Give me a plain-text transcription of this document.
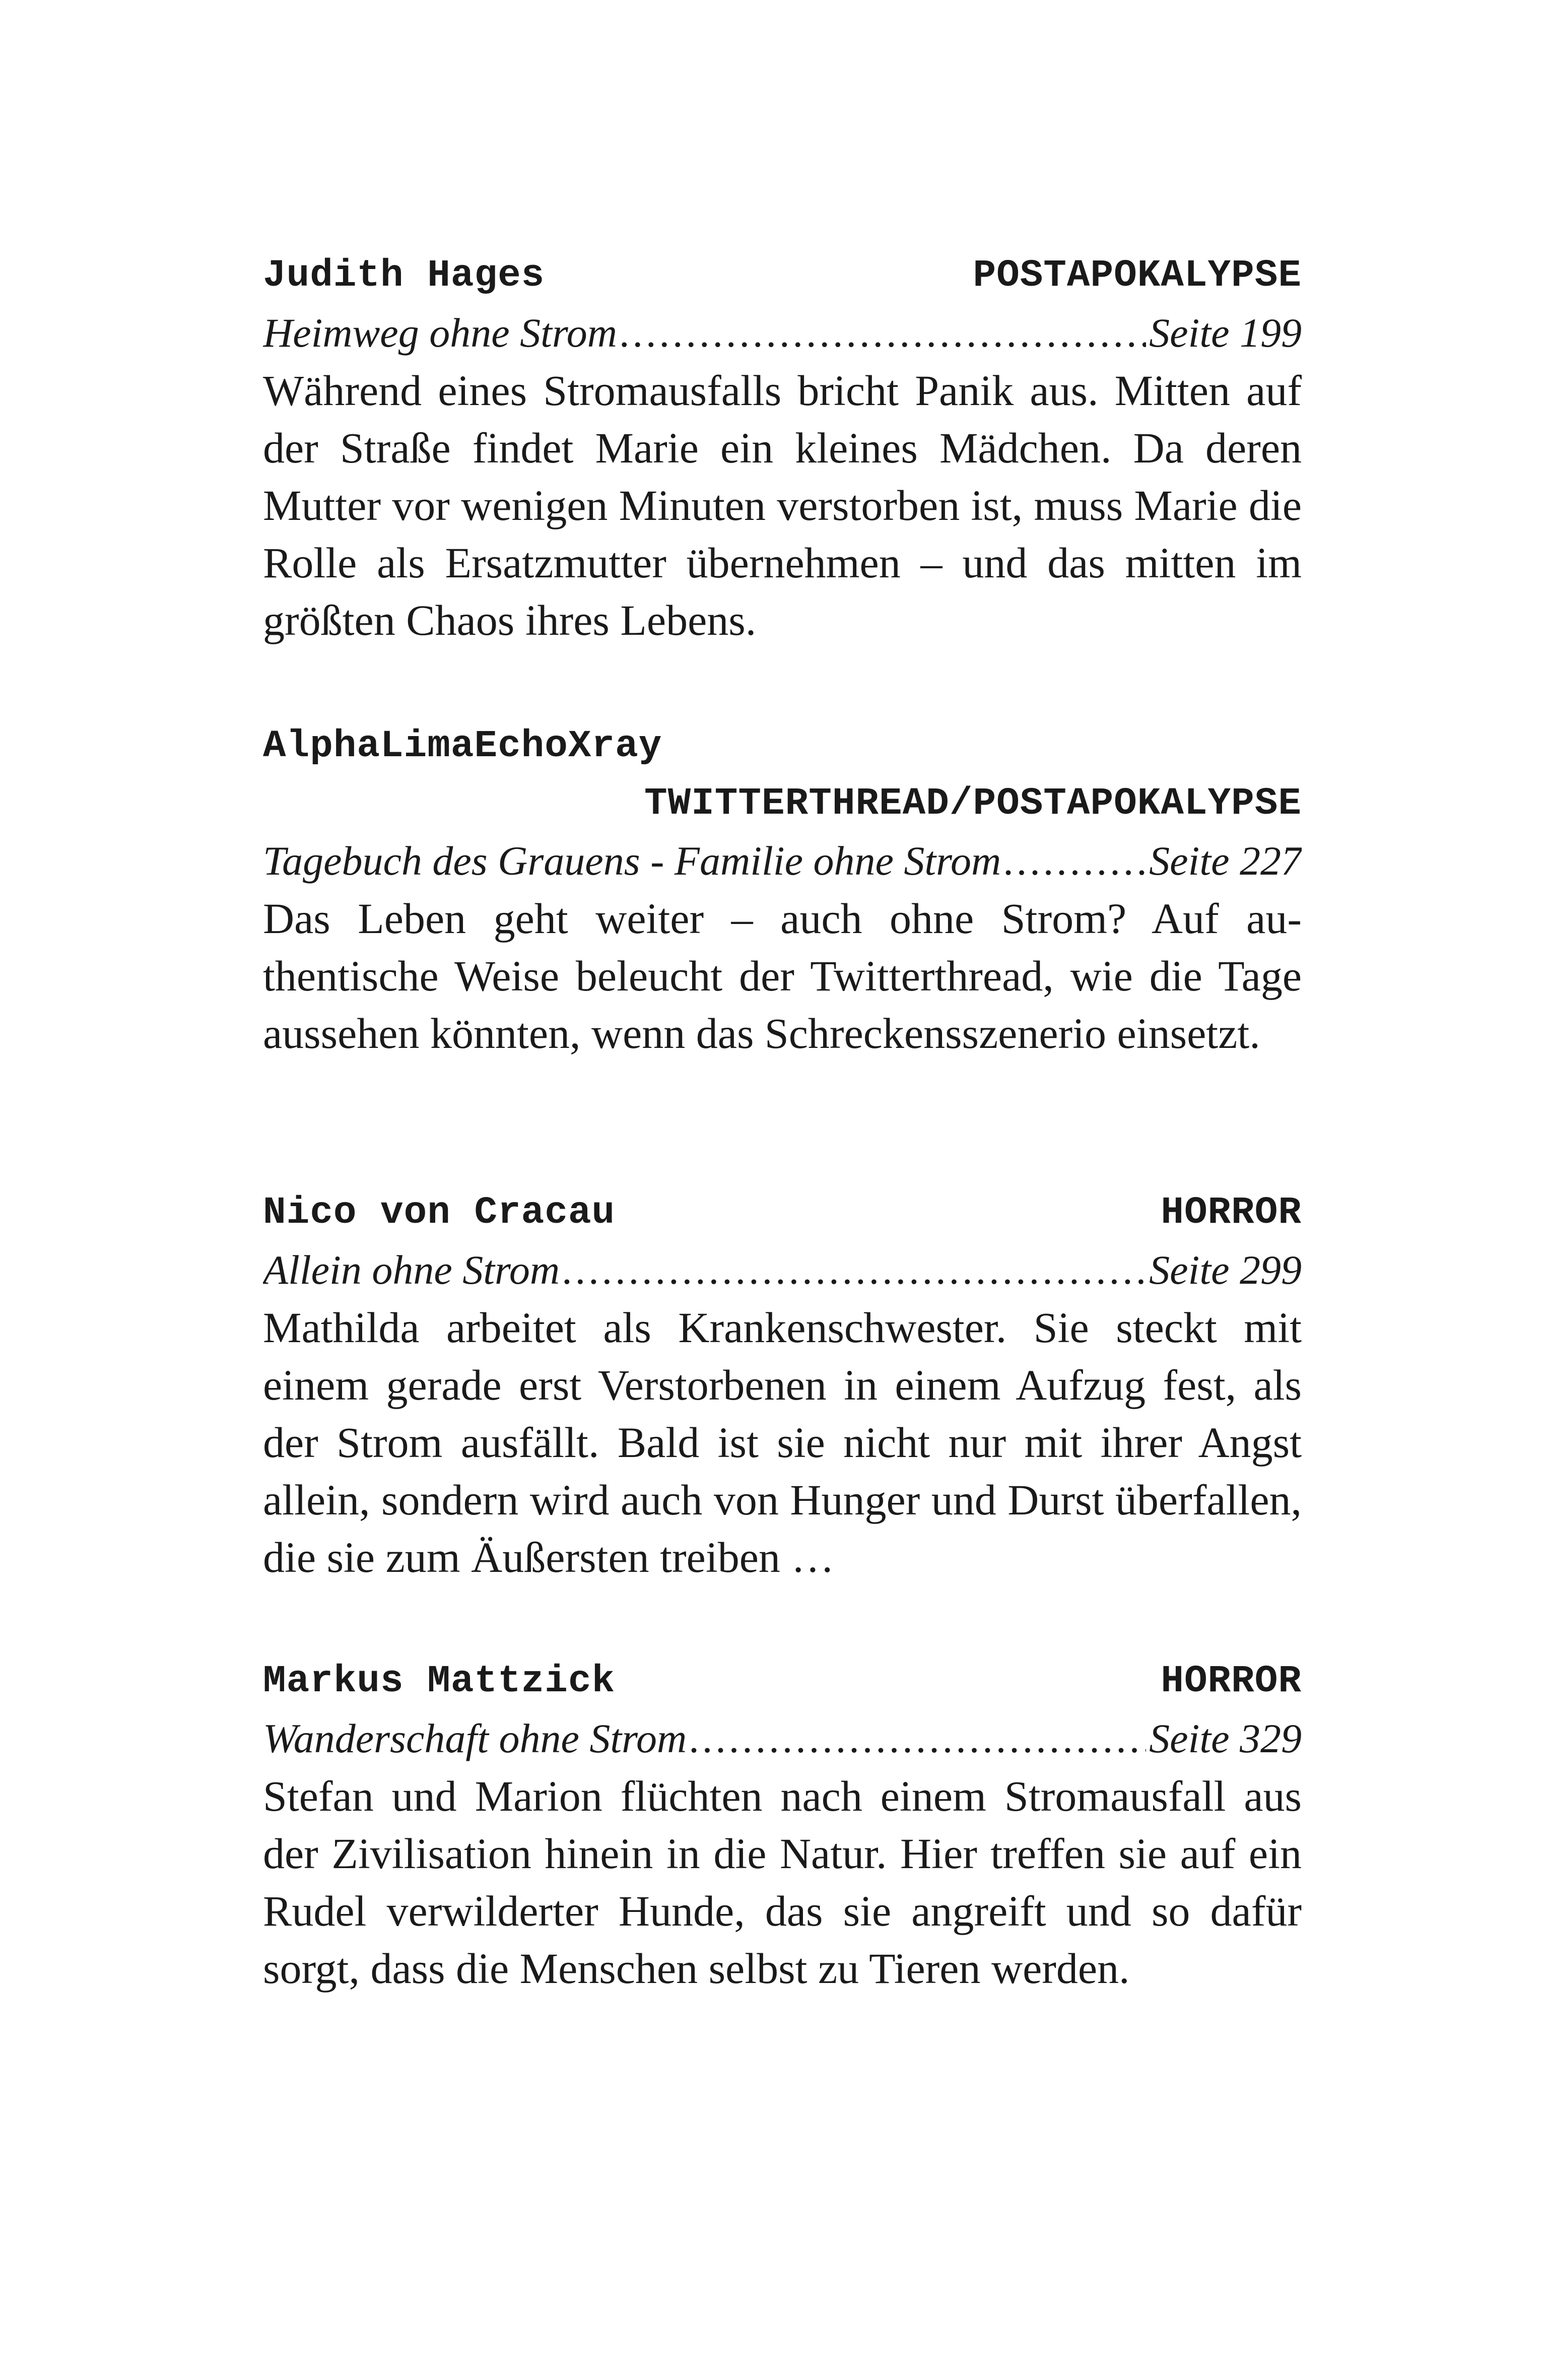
Judith Hages	POSTAPOKALYPSE
Heimweg ohne Strom .....	Seite 199

Während eines Stromausfalls bricht Panik aus. Mitten auf der Straße findet Marie ein kleines Mädchen. Da deren Mutter vor wenigen Minuten verstorben ist, muss Marie die Rolle als Ersatzmutter übernehmen – und das mitten im größten Chaos ihres Lebens.

AlphaLimaEchoXray
TWITTERTHREAD/POSTAPOKALYPSE
Tagebuch des Grauens - Familie ohne Strom .....	Seite 227

Das Leben geht weiter – auch ohne Strom? Auf authentische Weise beleucht der Twitterthread, wie die Tage aussehen könnten, wenn das Schreckensszenerio einsetzt.

Nico von Cracau	HORROR
Allein ohne Strom .....	Seite 299

Mathilda arbeitet als Krankenschwester. Sie steckt mit einem gerade erst Verstorbenen in einem Aufzug fest, als der Strom ausfällt. Bald ist sie nicht nur mit ihrer Angst allein, sondern wird auch von Hunger und Durst überfallen, die sie zum Äußersten treiben …

Markus Mattzick	HORROR
Wanderschaft ohne Strom .....	Seite 329

Stefan und Marion flüchten nach einem Stromausfall aus der Zivilisation hinein in die Natur. Hier treffen sie auf ein Rudel verwilderter Hunde, das sie angreift und so dafür sorgt, dass die Menschen selbst zu Tieren werden.
